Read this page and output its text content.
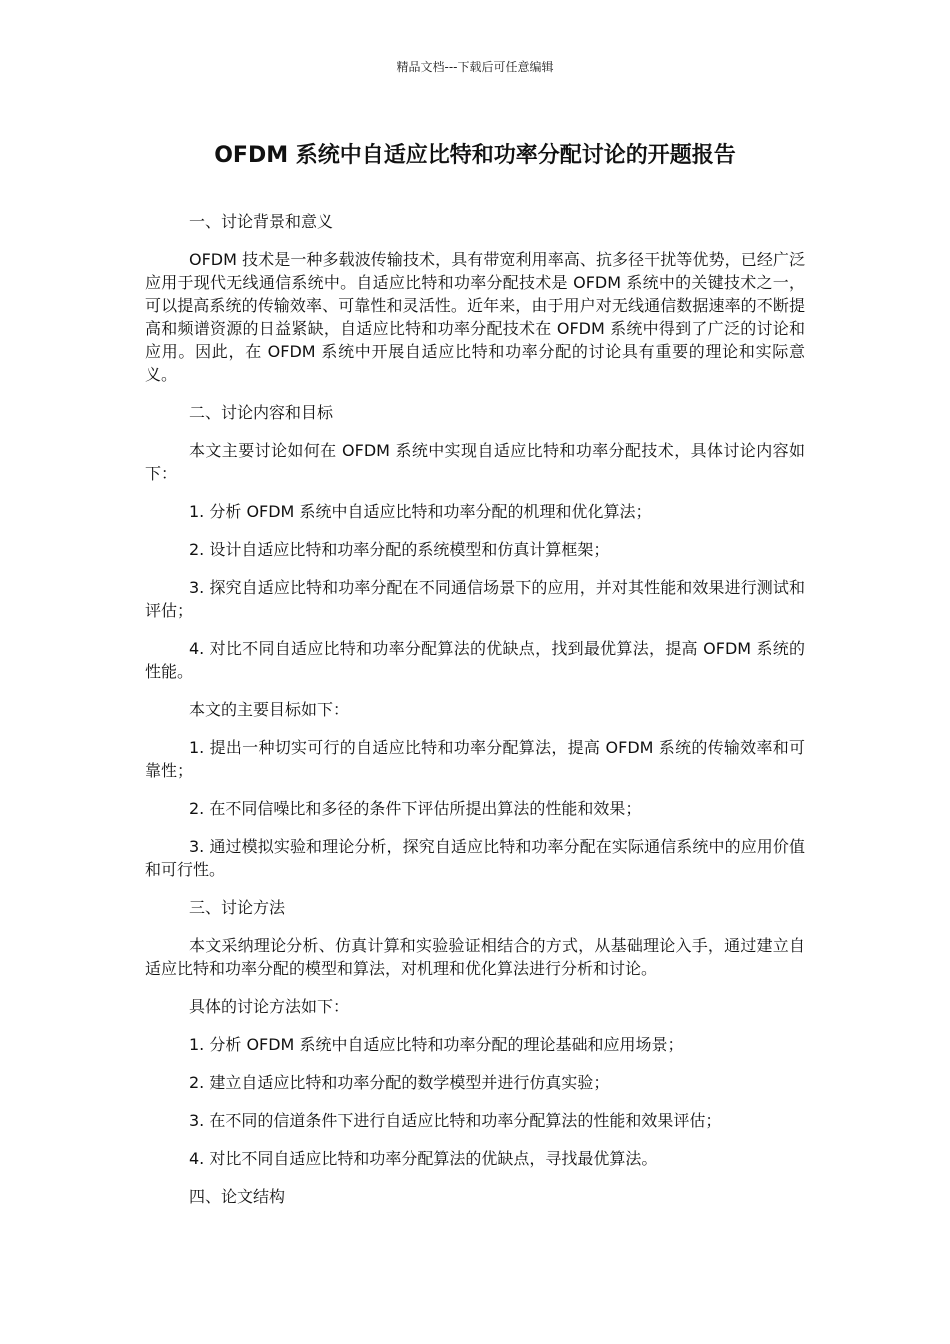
精品文档---下载后可任意编辑
OFDM 系统中自适应比特和功率分配讨论的开题报告

一、讨论背景和意义

OFDM 技术是一种多载波传输技术，具有带宽利用率高、抗多径干扰等优势，已经广泛应用于现代无线通信系统中。自适应比特和功率分配技术是 OFDM 系统中的关键技术之一，可以提高系统的传输效率、可靠性和灵活性。近年来，由于用户对无线通信数据速率的不断提高和频谱资源的日益紧缺，自适应比特和功率分配技术在 OFDM 系统中得到了广泛的讨论和应用。因此，在 OFDM 系统中开展自适应比特和功率分配的讨论具有重要的理论和实际意义。

二、讨论内容和目标

本文主要讨论如何在 OFDM 系统中实现自适应比特和功率分配技术，具体讨论内容如下：

1. 分析 OFDM 系统中自适应比特和功率分配的机理和优化算法；

2. 设计自适应比特和功率分配的系统模型和仿真计算框架；

3. 探究自适应比特和功率分配在不同通信场景下的应用，并对其性能和效果进行测试和评估；

4. 对比不同自适应比特和功率分配算法的优缺点，找到最优算法，提高 OFDM 系统的性能。

本文的主要目标如下：

1. 提出一种切实可行的自适应比特和功率分配算法，提高 OFDM 系统的传输效率和可靠性；

2. 在不同信噪比和多径的条件下评估所提出算法的性能和效果；

3. 通过模拟实验和理论分析，探究自适应比特和功率分配在实际通信系统中的应用价值和可行性。

三、讨论方法

本文采纳理论分析、仿真计算和实验验证相结合的方式，从基础理论入手，通过建立自适应比特和功率分配的模型和算法，对机理和优化算法进行分析和讨论。

具体的讨论方法如下：

1. 分析 OFDM 系统中自适应比特和功率分配的理论基础和应用场景；

2. 建立自适应比特和功率分配的数学模型并进行仿真实验；

3. 在不同的信道条件下进行自适应比特和功率分配算法的性能和效果评估；

4. 对比不同自适应比特和功率分配算法的优缺点，寻找最优算法。

四、论文结构
